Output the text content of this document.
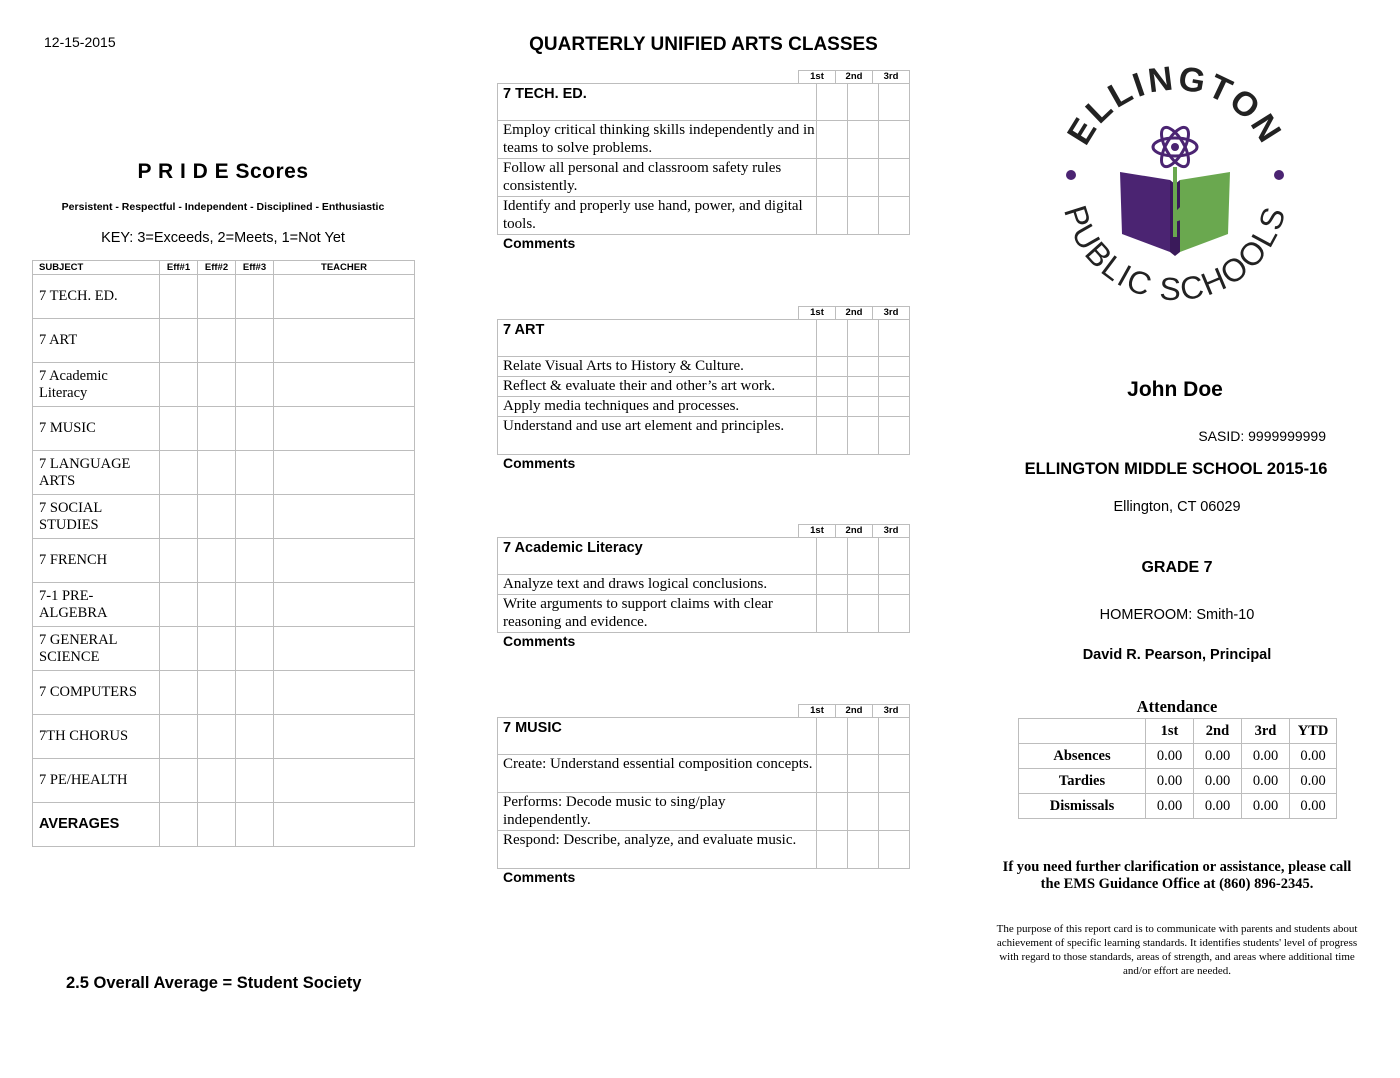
12-15-2015
P R I D E Scores
Persistent - Respectful - Independent - Disciplined - Enthusiastic
KEY: 3=Exceeds, 2=Meets, 1=Not Yet
SUBJECT	Eff#1	Eff#2	Eff#3	TEACHER
7 TECH. ED.				
7 ART				
7 Academic Literacy				
7 MUSIC				
7 LANGUAGE ARTS				
7 SOCIAL STUDIES				
7 FRENCH				
7-1 PRE-ALGEBRA				
7 GENERAL SCIENCE				
7 COMPUTERS				
7TH CHORUS				
7 PE/HEALTH				
AVERAGES				
2.5 Overall Average = Student Society
QUARTERLY UNIFIED ARTS CLASSES
1st	2nd	3rd
7 TECH. ED.			
Employ critical thinking skills independently and in teams to solve problems.			
Follow all personal and classroom safety rules consistently.			
Identify and properly use hand, power, and digital tools.			
Comments
1st	2nd	3rd
7 ART			
Relate Visual Arts to History & Culture.			
Reflect & evaluate their and other’s art work.			
Apply media techniques and processes.			
Understand and use art element and principles.			
Comments
1st	2nd	3rd
7 Academic Literacy			
Analyze text and draws logical conclusions.			
Write arguments to support claims with clear reasoning and evidence.			
Comments
1st	2nd	3rd
7 MUSIC			
Create: Understand essential composition concepts.			
Performs: Decode music to sing/play independently.			
Respond: Describe, analyze, and evaluate music.			
Comments
ELLINGTON
PUBLIC SCHOOLS
John Doe
SASID: 9999999999
ELLINGTON MIDDLE SCHOOL 2015-16
Ellington, CT 06029
GRADE 7
HOMEROOM: Smith-10
David R. Pearson, Principal
Attendance
	1st	2nd	3rd	YTD
Absences	0.00	0.00	0.00	0.00
Tardies	0.00	0.00	0.00	0.00
Dismissals	0.00	0.00	0.00	0.00
If you need further clarification or assistance, please call the EMS Guidance Office at (860) 896-2345.
The purpose of this report card is to communicate with parents and students about achievement of specific learning standards. It identifies students' level of progress with regard to those standards, areas of strength, and areas where additional time and/or effort are needed.
